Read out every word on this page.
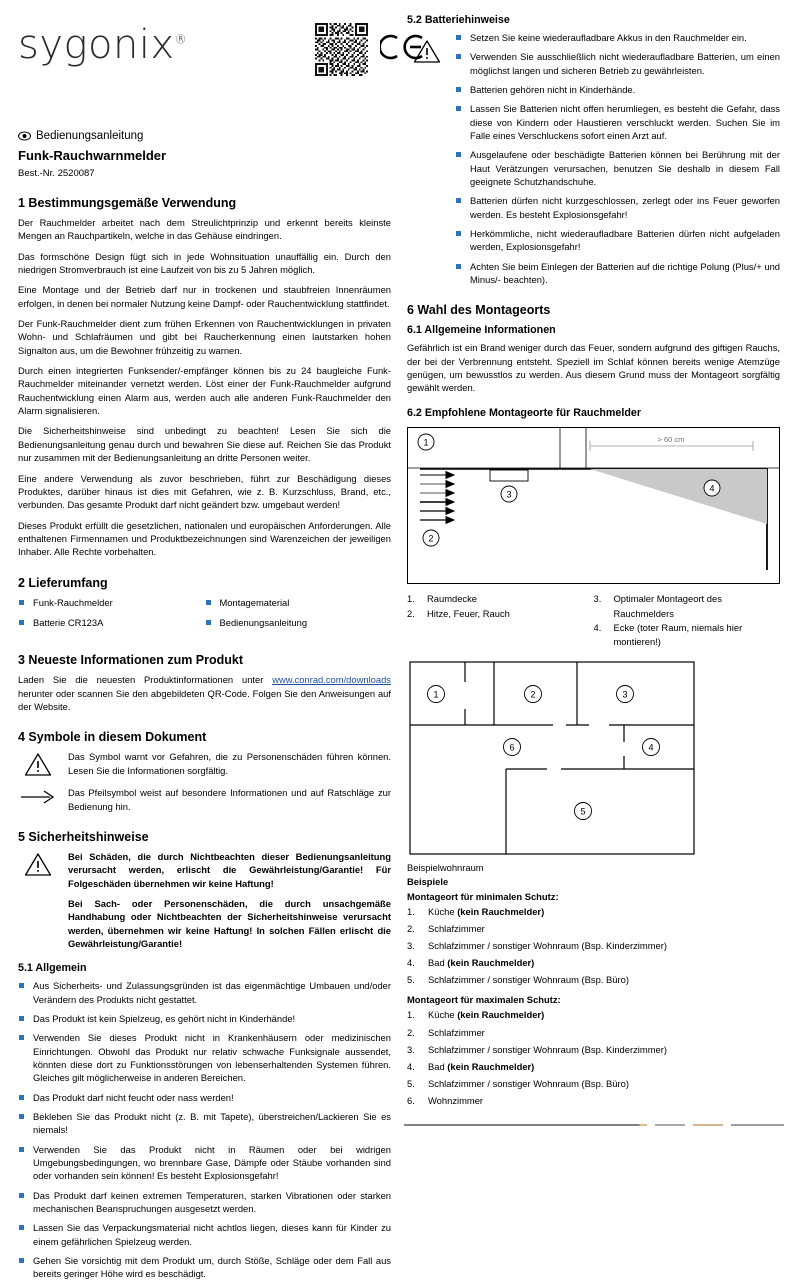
sygonix®
Bedienungsanleitung
Funk-Rauchwarnmelder
Best.-Nr. 2520087
1 Bestimmungsgemäße Verwendung

Der Rauchmelder arbeitet nach dem Streulichtprinzip und erkennt bereits kleinste Mengen an Rauchpartikeln, welche in das Gehäuse eindringen.

Das formschöne Design fügt sich in jede Wohnsituation unauffällig ein. Durch den niedrigen Stromverbrauch ist eine Laufzeit von bis zu 5 Jahren möglich.

Eine Montage und der Betrieb darf nur in trockenen und staubfreien Innenräumen erfolgen, in denen bei normaler Nutzung keine Dampf- oder Rauchentwicklung stattfindet.

Der Funk-Rauchmelder dient zum frühen Erkennen von Rauchentwicklungen in privaten Wohn- und Schlafräumen und gibt bei Raucherkennung einen lautstarken hohen Signalton aus, um die Bewohner frühzeitig zu warnen.

Durch einen integrierten Funksender/-empfänger können bis zu 24 baugleiche Funk-Rauchmelder miteinander vernetzt werden. Löst einer der Funk-Rauchmelder aufgrund Rauchentwicklung einen Alarm aus, werden auch alle anderen Funk-Rauchmelder den Alarm signalisieren.

Die Sicherheitshinweise sind unbedingt zu beachten! Lesen Sie sich die Bedienungsanleitung genau durch und bewahren Sie diese auf. Reichen Sie das Produkt nur zusammen mit der Bedienungsanleitung an dritte Personen weiter.

Eine andere Verwendung als zuvor beschrieben, führt zur Beschädigung dieses Produktes, darüber hinaus ist dies mit Gefahren, wie z. B. Kurzschluss, Brand, etc., verbunden. Das gesamte Produkt darf nicht geändert bzw. umgebaut werden!

Dieses Produkt erfüllt die gesetzlichen, nationalen und europäischen Anforderungen. Alle enthaltenen Firmennamen und Produktbezeichnungen sind Warenzeichen der jeweiligen Inhaber. Alle Rechte vorbehalten.

2 Lieferumfang
Funk-Rauchmelder
Batterie CR123A
Montagematerial
Bedienungsanleitung
3 Neueste Informationen zum Produkt

Laden Sie die neuesten Produktinformationen unter www.conrad.com/downloads herunter oder scannen Sie den abgebildeten QR-Code. Folgen Sie den Anweisungen auf der Website.

4 Symbole in diesem Dokument
Das Symbol warnt vor Gefahren, die zu Personenschäden führen können. Lesen Sie die Informationen sorgfältig.
Das Pfeilsymbol weist auf besondere Informationen und auf Ratschläge zur Bedienung hin.
5 Sicherheitshinweise

Bei Schäden, die durch Nichtbeachten dieser Bedienungsanleitung verursacht werden, erlischt die Gewährleistung/Garantie! Für Folgeschäden übernehmen wir keine Haftung!

Bei Sach- oder Personenschäden, die durch unsachgemäße Handhabung oder Nichtbeachten der Sicherheitshinweise verursacht werden, übernehmen wir keine Haftung! In solchen Fällen erlischt die Gewährleistung/Garantie!

5.1 Allgemein
Aus Sicherheits- und Zulassungsgründen ist das eigenmächtige Umbauen und/oder Verändern des Produkts nicht gestattet.
Das Produkt ist kein Spielzeug, es gehört nicht in Kinderhände!
Verwenden Sie dieses Produkt nicht in Krankenhäusern oder medizinischen Einrichtungen. Obwohl das Produkt nur relativ schwache Funksignale aussendet, könnten diese dort zu Funktionsstörungen von lebenserhaltenden Systemen führen. Gleiches gilt möglicherweise in anderen Bereichen.
Das Produkt darf nicht feucht oder nass werden!
Bekleben Sie das Produkt nicht (z. B. mit Tapete), überstreichen/Lackieren Sie es niemals!
Verwenden Sie das Produkt nicht in Räumen oder bei widrigen Umgebungsbedingungen, wo brennbare Gase, Dämpfe oder Stäube vorhanden sind oder vorhanden sein können! Es besteht Explosionsgefahr!
Das Produkt darf keinen extremen Temperaturen, starken Vibrationen oder starken mechanischen Beanspruchungen ausgesetzt werden.
Lassen Sie das Verpackungsmaterial nicht achtlos liegen, dieses kann für Kinder zu einem gefährlichen Spielzeug werden.
Gehen Sie vorsichtig mit dem Produkt um, durch Stöße, Schläge oder dem Fall aus bereits geringer Höhe wird es beschädigt.
5.2 Batteriehinweise
Setzen Sie keine wiederaufladbare Akkus in den Rauchmelder ein.
Verwenden Sie ausschließlich nicht wiederaufladbare Batterien, um einen möglichst langen und sicheren Betrieb zu gewährleisten.
Batterien gehören nicht in Kinderhände.
Lassen Sie Batterien nicht offen herumliegen, es besteht die Gefahr, dass diese von Kindern oder Haustieren verschluckt werden. Suchen Sie im Falle eines Verschluckens sofort einen Arzt auf.
Ausgelaufene oder beschädigte Batterien können bei Berührung mit der Haut Verätzungen verursachen, benutzen Sie deshalb in diesem Fall geeignete Schutzhandschuhe.
Batterien dürfen nicht kurzgeschlossen, zerlegt oder ins Feuer geworfen werden. Es besteht Explosionsgefahr!
Herkömmliche, nicht wiederaufladbare Batterien dürfen nicht aufgeladen werden, Explosionsgefahr!
Achten Sie beim Einlegen der Batterien auf die richtige Polung (Plus/+ und Minus/- beachten).
6 Wahl des Montageorts
6.1 Allgemeine Informationen

Gefährlich ist ein Brand weniger durch das Feuer, sondern aufgrund des giftigen Rauchs, der bei der Verbrennung entsteht. Speziell im Schlaf können bereits wenige Atemzüge genügen, um bewusstlos zu werden. Aus diesem Grund muss der Montageort sorgfältig gewählt werden.

6.2 Empfohlene Montageorte für Rauchmelder
> 60 cm
1
3
4
2
1.	Raumdecke
2.	Hitze, Feuer, Rauch
3.	Optimaler Montageort des Rauchmelders
4.	Ecke (toter Raum, niemals hier montieren!)
1	2	3
4
5
6
Beispielwohnraum
Beispiele
Montageort für minimalen Schutz:
1.	Küche (kein Rauchmelder)
2.	Schlafzimmer
3.	Schlafzimmer / sonstiger Wohnraum (Bsp. Kinderzimmer)
4.	Bad (kein Rauchmelder)
5.	Schlafzimmer / sonstiger Wohnraum (Bsp. Büro)
Montageort für maximalen Schutz:
1.	Küche (kein Rauchmelder)
2.	Schlafzimmer
3.	Schlafzimmer / sonstiger Wohnraum (Bsp. Kinderzimmer)
4.	Bad (kein Rauchmelder)
5.	Schlafzimmer / sonstiger Wohnraum (Bsp. Büro)
6.	Wohnzimmer
